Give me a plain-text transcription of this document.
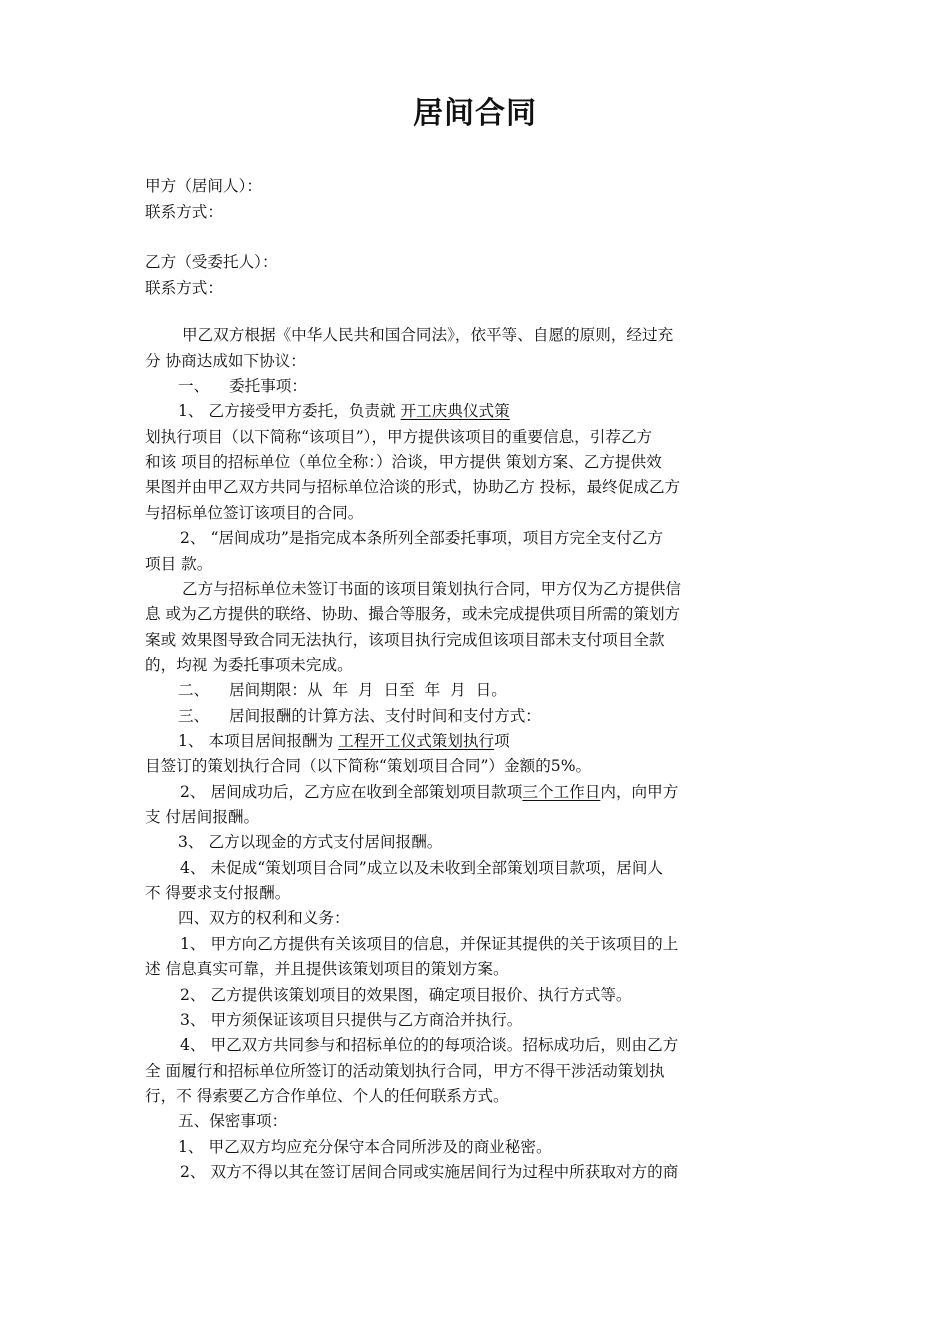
居间合同
甲方（居间人）：
联系方式：
乙方（受委托人）：
联系方式：
甲乙双方根据《中华人民共和国合同法》，依平等、自愿的原则，经过充
分 协商达成如下协议：
一、    委托事项：
1、 乙方接受甲方委托，负责就 开工庆典仪式策
划执行项目（以下简称“该项目”），甲方提供该项目的重要信息，引荐乙方
和该 项目的招标单位（单位全称：）洽谈，甲方提供 策划方案、乙方提供效
果图并由甲乙双方共同与招标单位洽谈的形式，协助乙方 投标，最终促成乙方
与招标单位签订该项目的合同。
2、 “居间成功”是指完成本条所列全部委托事项，项目方完全支付乙方
项目 款。
乙方与招标单位未签订书面的该项目策划执行合同，甲方仅为乙方提供信
息 或为乙方提供的联络、协助、撮合等服务，或未完成提供项目所需的策划方
案或 效果图导致合同无法执行，该项目执行完成但该项目部未支付项目全款
的，均视 为委托事项未完成。
二、    居间期限：从  年  月  日至  年  月  日。
三、    居间报酬的计算方法、支付时间和支付方式：
1、 本项目居间报酬为 工程开工仪式策划执行项
目签订的策划执行合同（以下简称“策划项目合同”）金额的5%。
2、 居间成功后，乙方应在收到全部策划项目款项三个工作日内，向甲方
支 付居间报酬。
3、 乙方以现金的方式支付居间报酬。
4、 未促成“策划项目合同”成立以及未收到全部策划项目款项，居间人
不 得要求支付报酬。
四、双方的权利和义务：
1、 甲方向乙方提供有关该项目的信息，并保证其提供的关于该项目的上
述 信息真实可靠，并且提供该策划项目的策划方案。
2、 乙方提供该策划项目的效果图，确定项目报价、执行方式等。
3、 甲方须保证该项目只提供与乙方商洽并执行。
4、 甲乙双方共同参与和招标单位的的每项洽谈。招标成功后，则由乙方
全 面履行和招标单位所签订的活动策划执行合同，甲方不得干涉活动策划执
行，不 得索要乙方合作单位、个人的任何联系方式。
五、保密事项：
1、 甲乙双方均应充分保守本合同所涉及的商业秘密。
2、 双方不得以其在签订居间合同或实施居间行为过程中所获取对方的商
